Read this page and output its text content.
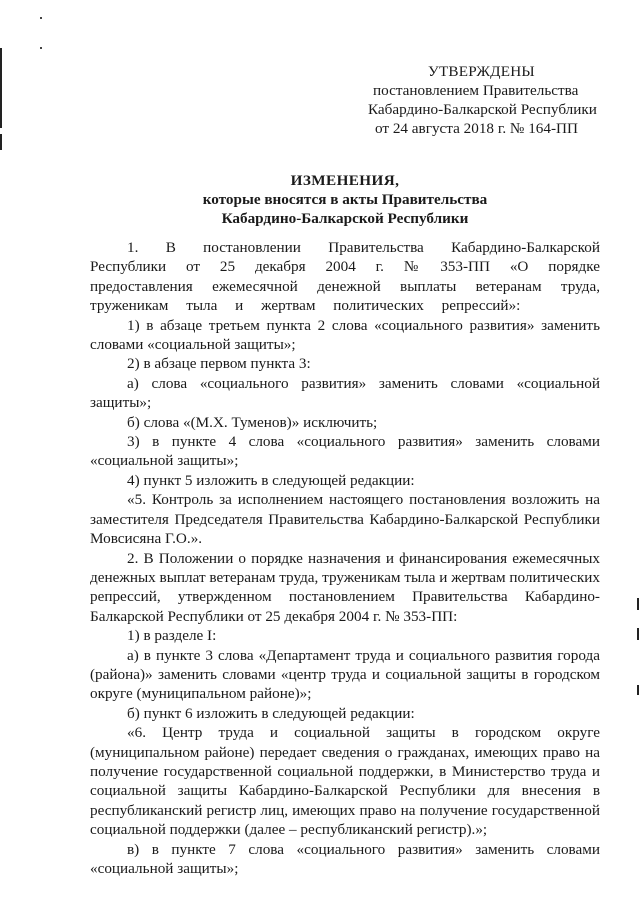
УТВЕРЖДЕНЫ
постановлением Правительства
Кабардино-Балкарской Республики
от 24 августа 2018 г. № 164-ПП
ИЗМЕНЕНИЯ,
которые вносятся в акты Правительства
Кабардино-Балкарской Республики

1. В постановлении Правительства Кабардино-Балкарской Республики от 25 декабря 2004 г. № 353-ПП «О порядке предоставления ежемесячной денежной выплаты ветеранам труда, труженикам тыла и жертвам политических репрессий»:

1) в абзаце третьем пункта 2 слова «социального развития» заменить словами «социальной защиты»;

2) в абзаце первом пункта 3:

а) слова «социального развития» заменить словами «социальной защиты»;

б) слова «(М.Х. Туменов)» исключить;

3) в пункте 4 слова «социального развития» заменить словами «социальной защиты»;

4) пункт 5 изложить в следующей редакции:

«5. Контроль за исполнением настоящего постановления возложить на заместителя Председателя Правительства Кабардино-Балкарской Республики Мовсисяна Г.О.».

2. В Положении о порядке назначения и финансирования ежемесячных денежных выплат ветеранам труда, труженикам тыла и жертвам политических репрессий, утвержденном постановлением Правительства Кабардино-Балкарской Республики от 25 декабря 2004 г. № 353-ПП:

1) в разделе I:

а) в пункте 3 слова «Департамент труда и социального развития города (района)» заменить словами «центр труда и социальной защиты в городском округе (муниципальном районе)»;

б) пункт 6 изложить в следующей редакции:

«6. Центр труда и социальной защиты в городском округе (муниципальном районе) передает сведения о гражданах, имеющих право на получение государственной социальной поддержки, в Министерство труда и социальной защиты Кабардино-Балкарской Республики для внесения в республиканский регистр лиц, имеющих право на получение государственной социальной поддержки (далее – республиканский регистр).»;

в) в пункте 7 слова «социального развития» заменить словами «социальной защиты»;
